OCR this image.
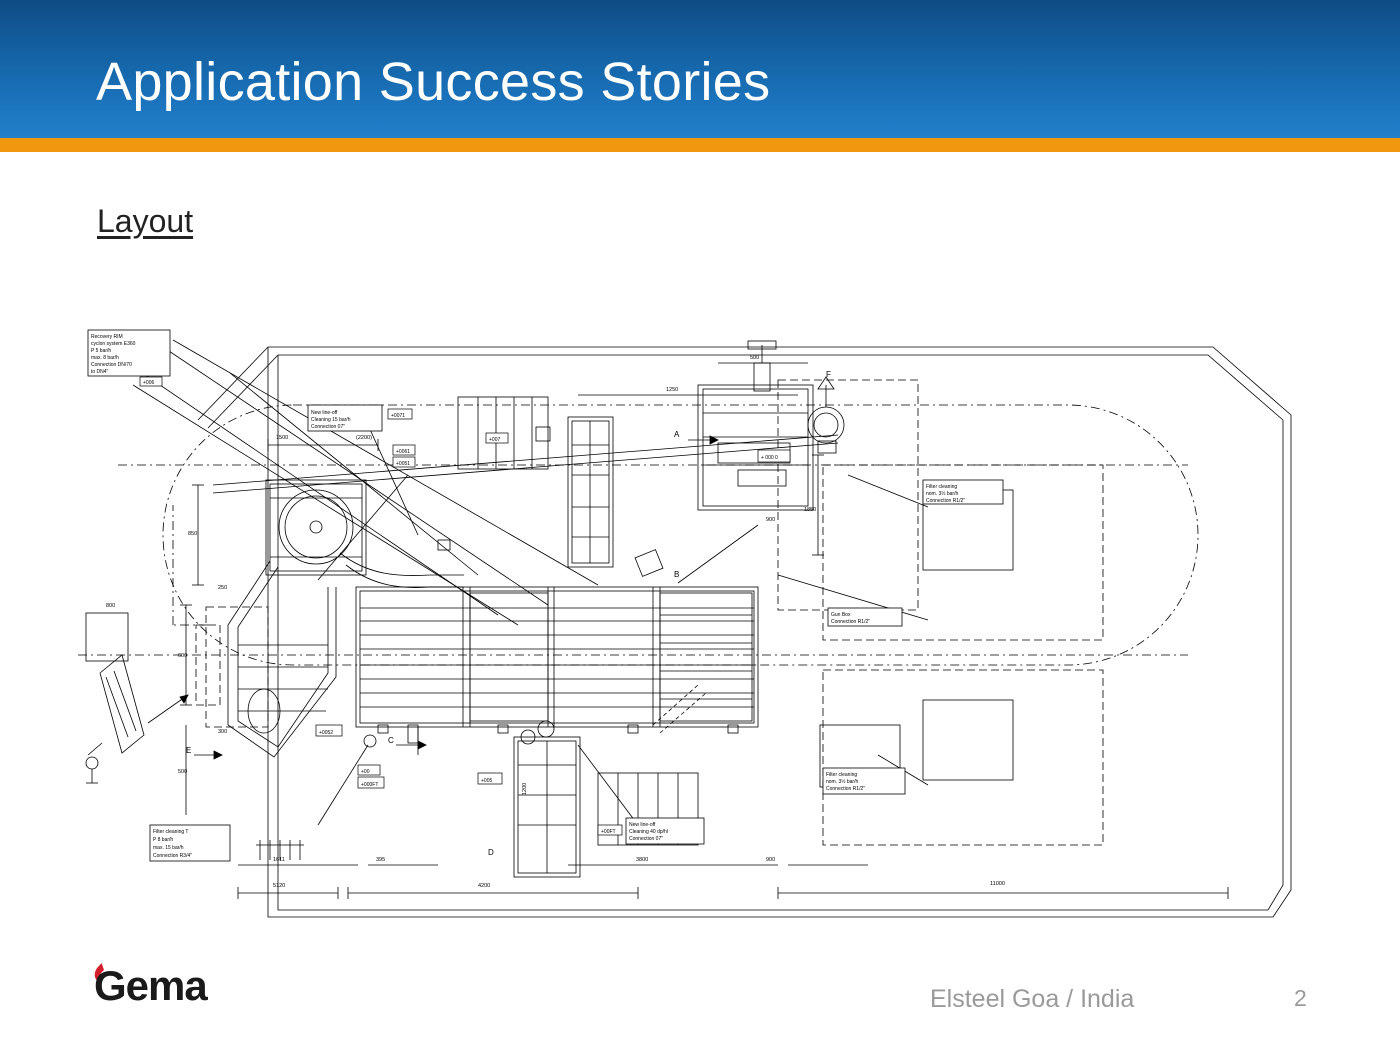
Application Success Stories
Layout
Recovery RIM
cyclon system E360
P 5 bar/h
max. 8 bar/h
Connection DN/70
to DN4"
+006
New line-off
Cleaning 15 bar/h
Connection 07"
+0071
Filter cleaning
nom. 3½ bar/h
Connection R1/2"
Gun Box
Connection R1/2"
Filter cleaning
nom. 3½ bar/h
Connection R1/2"
New line-off
Cleaning 40 dp/hl
Connection 07"
+00FT
Filter cleaning T
P 8 bar/h
max. 15 bar/h
Connection R3/4"
+0061
+0051
+007
+ 000 0
+0052
+00
+000FT
+005
A
B
C
E
F
D
1500	(2200)
1250
500
900
1850
3800	900
11000
5120	4200
1611	395
850
600
500
250
300
800
1200
Gema	Elsteel Goa / India	2
